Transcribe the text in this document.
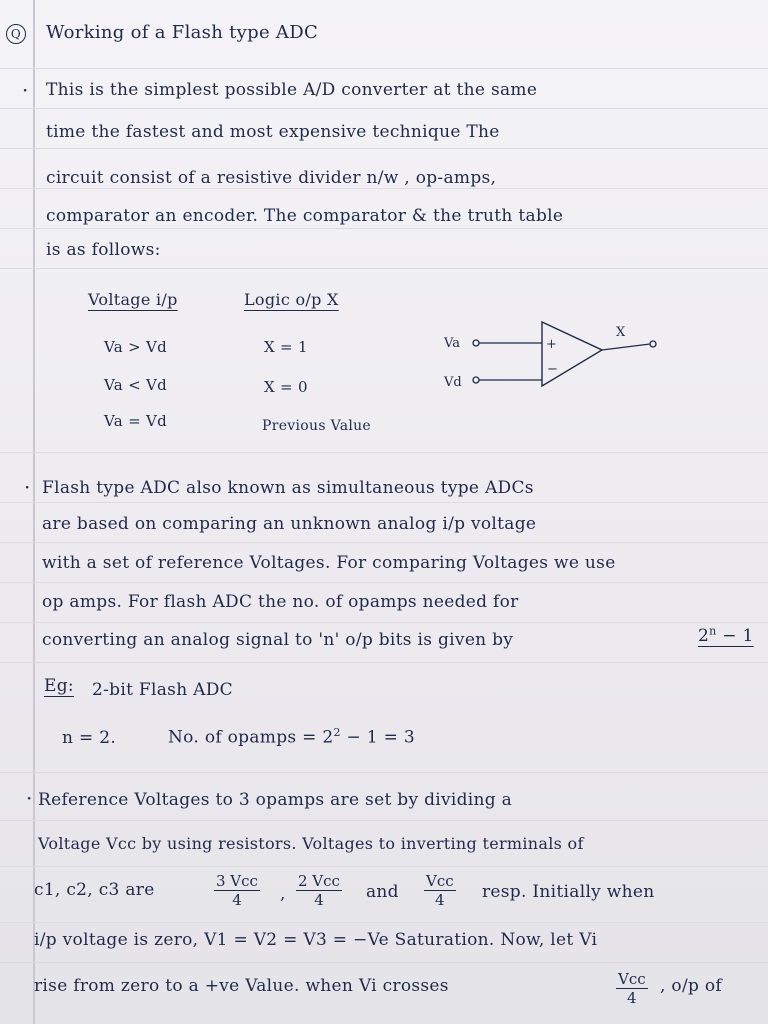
Q Working of a Flash type ADC
· This is the simplest possible A/D converter at the same
time the fastest and most expensive technique The
circuit consist of a resistive divider n/w , op-amps,
comparator an encoder. The comparator & the truth table
is as follows:
Voltage i/p	Logic o/p X
Va > Vd	X = 1
Va < Vd	X = 0
Va = Vd	Previous Value
Va
Vd
+
−
X
· Flash type ADC also known as simultaneous type ADCs
are based on comparing an unknown analog i/p voltage
with a set of reference Voltages. For comparing Voltages we use
op amps. For flash ADC the no. of opamps needed for
converting an analog signal to 'n' o/p bits is given by	$2^n - 1$
Eg: 2-bit Flash ADC
n = 2.	No. of opamps = $2^2 - 1 = 3$
· Reference Voltages to 3 opamps are set by dividing a
Voltage Vcc by using resistors. Voltages to inverting terminals of
c1, c2, c3 are	3 Vcc
4	,
2 Vcc
4	and
Vcc
4	resp. Initially when
i/p voltage is zero, V1 = V2 = V3 = −Ve Saturation. Now, let Vi
rise from zero to a +ve Value. when Vi crosses	Vcc
4
, o/p of
